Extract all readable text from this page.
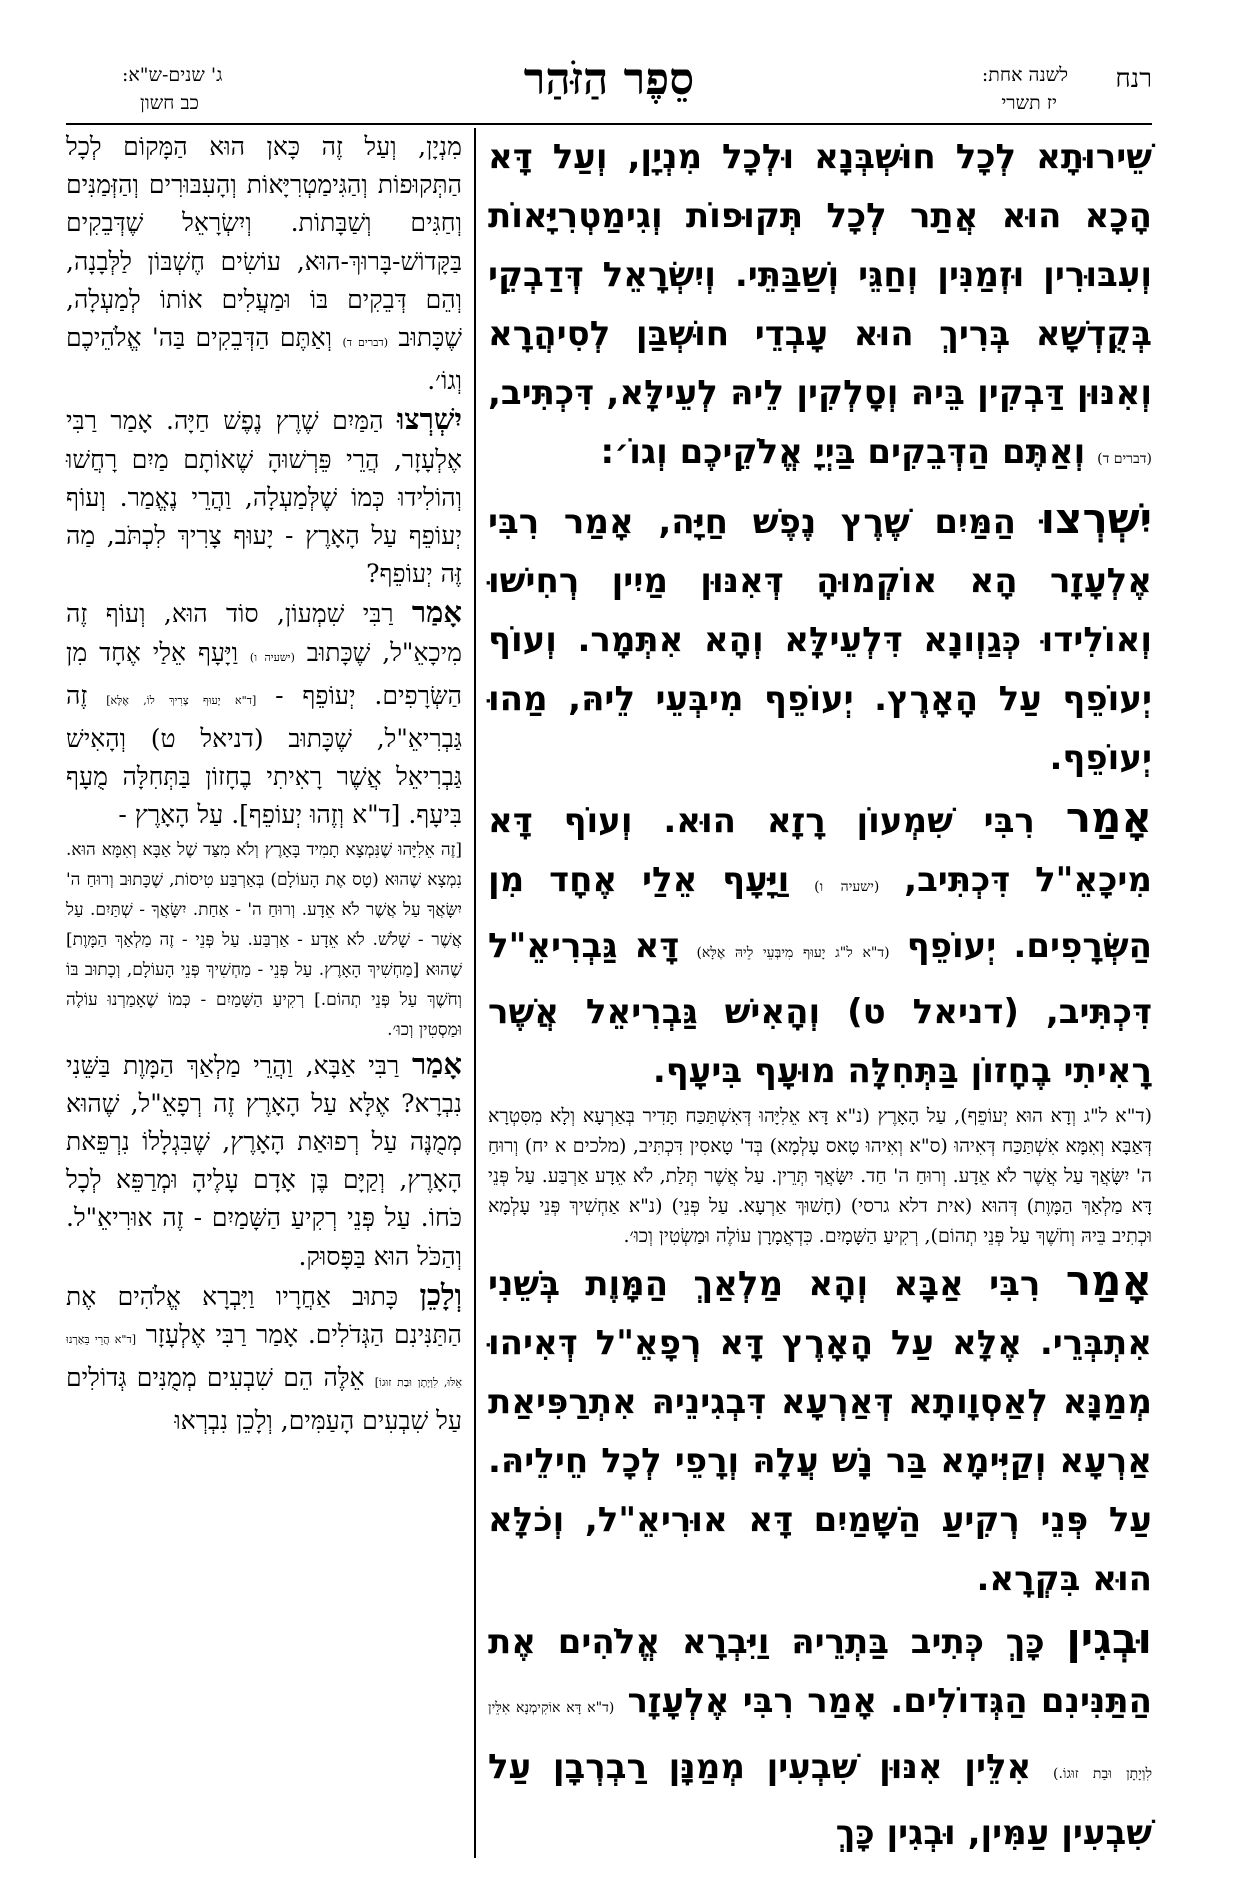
רנח
לשנה אחת:
יז תשרי
סֵפֶר הַזֹּהַר
ג' שנים-ש"א:
כב חשון

שֵׁירוּתָא לְכָל חוּשְׁבְּנָא וּלְכָל מִנְיָן, וְעַל דָּא הָכָא הוּא אֲתַר לְכָל תְּקוּפוֹת וְגִימַטְרִיָּאוֹת וְעִבּוּרִין וּזְמַנִּין וְחַגֵּי וְשַׁבַּתֵּי. וְיִשְׂרָאֵל דְּדַבְקֵי בְּקֻדְשָׁא בְּרִיךְ הוּא עָבְדֵי חוּשְׁבַּן לְסִיהֲרָא וְאִנּוּן דַּבְקִין בֵּיהּ וְסָלְקִין לֵיהּ לְעֵילָּא, דִּכְתִּיב, (דברים ד) וְאַתֶּם הַדְּבֵקִים בַּיְיָ אֱלֹקֵיכֶם וְגוֹ׳:

יִשְׁרְצוּ הַמַּיִם שֶׁרֶץ נֶפֶשׁ חַיָּה, אָמַר רִבִּי אֶלְעָזָר הָא אוֹקְמוּהָ דְּאִנּוּן מַיִין רְחִישׁוּ וְאוֹלִידוּ כְּגַוְונָא דִּלְעֵילָּא וְהָא אִתְּמָר. וְעוֹף יְעוֹפֵף עַל הָאָרֶץ. יְעוֹפֵף מִיבְּעֵי לֵיהּ, מַהוּ יְעוֹפֵף.

אָמַר רִבִּי שִׁמְעוֹן רָזָא הוּא. וְעוֹף דָּא מִיכָאֵ"ל דִּכְתִּיב, (ישעיה ו) וַיָּעָף אֵלַי אֶחָד מִן הַשְּׂרָפִים. יְעוֹפֵף (ד"א ל"ג יָעוּף מִיבְּעֵי לֵיהּ אֶלָּא) דָּא גַּבְרִיאֵ"ל דִּכְתִּיב, (דניאל ט) וְהָאִישׁ גַּבְרִיאֵל אֲשֶׁר רָאִיתִי בֶחָזוֹן בַּתְּחִלָּה מוּעָף בִּיעָף.

(ד"א ל"ג וְדָא הוּא יְעוֹפֵף), עַל הָאָרֶץ (נ"א דָּא אֵלִיָּהוּ דְּאִשְׁתַּכַּח תָּדִיר בְּאַרְעָא וְלָא מִסִּטְרָא דְּאַבָּא וְאִמָּא אִשְׁתַּכַּח דְּאִיהוּ (ס"א וְאִיהוּ טָאס עָלְמָא) בְּד' טָאסִין דִּכְתִּיב, (מלכים א יח) וְרוּחַ ה' יִשָּׂאֲךָ עַל אֲשֶׁר לֹא אֵדָע. וְרוּחַ ה' חַד. יִשָּׂאֲךָ תְּרֵין. עַל אֲשֶׁר תְּלַת, לֹא אֵדָע אַרְבַּע. עַל פְּנֵי דָּא מַלְאַךְ הַמָּוֶת) דְּהוּא (אית דלא גרסי) (חָשׁוּךְ אַרְעָא. עַל פְּנֵי) (נ"א אַחְשִׁיךְ פְּנֵי עָלְמָא וּכְתִיב בֵּיהּ וְחֹשֶׁךְ עַל פְּנֵי תְהוֹם), רְקִיעַ הַשָּׁמָיִם. כִּדְאֲמָרָן עוֹלֶה וּמַשְׂטִין וְכוּ׳.

אָמַר רִבִּי אַבָּא וְהָא מַלְאַךְ הַמָּוֶת בְּשֵׁנִי אִתְבְּרֵי. אֶלָּא עַל הָאָרֶץ דָּא רְפָאֵ"ל דְּאִיהוּ מְמַנָּא לְאַסְוָותָא דְּאַרְעָא דִּבְגִינֵיהּ אִתְרַפִּיאַת אַרְעָא וְקַיְּימָא בַּר נָשׁ עֲלָהּ וְרָפֵי לְכָל חֵילֵיהּ. עַל פְּנֵי רְקִיעַ הַשָּׁמַיִם דָּא אוּרִיאֵ"ל, וְכֹלָּא הוּא בִּקְרָא.

וּבְגִין כָּךְ כְּתִיב בַּתְרֵיהּ וַיִּבְרָא אֱלֹהִים אֶת הַתַּנִּינִם הַגְּדוֹלִים. אָמַר רִבִּי אֶלְעָזָר (ד"א דָּא אוֹקִימְנָא אִלֵּין לִוְיָתָן וּבַת זוּגוֹ.) אִלֵּין אִנּוּן שִׁבְעִין מְמַנָּן רַבְרְבָן עַל שִׁבְעִין עַמִּין, וּבְגִין כָּךְ

מִנְיָן, וְעַל זֶה כָּאן הוּא הַמָּקוֹם לְכָל הַתְּקוּפוֹת וְהַגִּימַטְרִיָּאוֹת וְהָעִבּוּרִים וְהַזְּמַנִּים וְחַגִּים וְשַׁבָּתוֹת. וְיִשְׂרָאֵל שֶׁדְּבֵקִים בַּקָּדוֹשׁ-בָּרוּךְ-הוּא, עוֹשִׂים חֶשְׁבּוֹן לַלְּבָנָה, וְהֵם דְּבֵקִים בּוֹ וּמַעֲלִים אוֹתוֹ לְמַעְלָה, שֶׁכָּתוּב (דברים ד) וְאַתֶּם הַדְּבֵקִים בַּה' אֱלֹהֵיכֶם וְגוֹ׳.

יִשְׁרְצוּ הַמַּיִם שֶׁרֶץ נֶפֶשׁ חַיָּה. אָמַר רַבִּי אֶלְעָזָר, הֲרֵי פֵּרְשׁוּהָ שֶׁאוֹתָם מַיִם רָחֲשׁוּ וְהוֹלִידוּ כְּמוֹ שֶׁלְּמַעְלָה, וַהֲרֵי נֶאֱמַר. וְעוֹף יְעוֹפֵף עַל הָאָרֶץ - יָעוּף צָרִיךְ לִכְתֹּב, מַה זֶּה יְעוֹפֵף?

אָמַר רַבִּי שִׁמְעוֹן, סוֹד הוּא, וְעוֹף זֶה מִיכָאֵ"ל, שֶׁכָּתוּב (ישעיה ו) וַיָּעָף אֵלַי אֶחָד מִן הַשְּׂרָפִים. יְעוֹפֵף - [ד"א יָעוּף צָרִיךְ לוֹ, אֶלָּא] זֶה גַּבְרִיאֵ"ל, שֶׁכָּתוּב (דניאל ט) וְהָאִישׁ גַּבְרִיאֵל אֲשֶׁר רָאִיתִי בֶחָזוֹן בַּתְּחִלָּה מֻעָף בִּיעָף. [ד"א וְזֶהוּ יְעוֹפֵף]. עַל הָאָרֶץ -

[זֶה אֵלִיָּהוּ שֶׁנִּמְצָא תָמִיד בָּאָרֶץ וְלֹא מִצַּד שֶׁל אַבָּא וְאִמָּא הוּא. נִמְצָא שֶׁהוּא (טָס אֶת הָעוֹלָם) בְּאַרְבַּע טִיסוֹת, שֶׁכָּתוּב וְרוּחַ ה' יִשָּׂאֲךָ עַל אֲשֶׁר לֹא אֵדָע. וְרוּחַ ה' - אַחַת. יִשָּׂאֲךָ - שְׁתַּיִם. עַל אֲשֶׁר - שָׁלֹשׁ. לֹא אֵדָע - אַרְבַּע. עַל פְּנֵי - זֶה מַלְאַךְ הַמָּוֶת] שֶׁהוּא [מַחְשִׁיךְ הָאָרֶץ. עַל פְּנֵי - מַחְשִׁיךְ פְּנֵי הָעוֹלָם, וְכָתוּב בּוֹ וְחֹשֶׁךְ עַל פְּנֵי תְהוֹם.] רְקִיעַ הַשָּׁמַיִם - כְּמוֹ שֶׁאָמַרְנוּ עוֹלֶה וּמַסְטִין וְכוּ׳.

אָמַר רַבִּי אַבָּא, וַהֲרֵי מַלְאַךְ הַמָּוֶת בַּשֵּׁנִי נִבְרָא? אֶלָּא עַל הָאָרֶץ זֶה רְפָאֵ"ל, שֶׁהוּא מְמֻנֶּה עַל רְפוּאַת הָאָרֶץ, שֶׁבִּגְלָלוֹ נִרְפֵּאת הָאָרֶץ, וְקַיָּם בֶּן אָדָם עָלֶיהָ וּמְרַפֵּא לְכָל כֹּחוֹ. עַל פְּנֵי רְקִיעַ הַשָּׁמַיִם - זֶה אוּרִיאֵ"ל. וְהַכֹּל הוּא בַּפָּסוּק.

וְלָכֵן כָּתוּב אַחֲרָיו וַיִּבְרָא אֱלֹהִים אֶת הַתַּנִּינִם הַגְּדֹלִים. אָמַר רַבִּי אֶלְעָזָר [ד"א הֲרֵי בֵּאַרְנוּ אֵלּוּ, לִוְיָתָן וּבַת זוּגוֹ] אֵלֶּה הֵם שִׁבְעִים מְמֻנִּים גְּדוֹלִים עַל שִׁבְעִים הָעַמִּים, וְלָכֵן נִבְרְאוּ
